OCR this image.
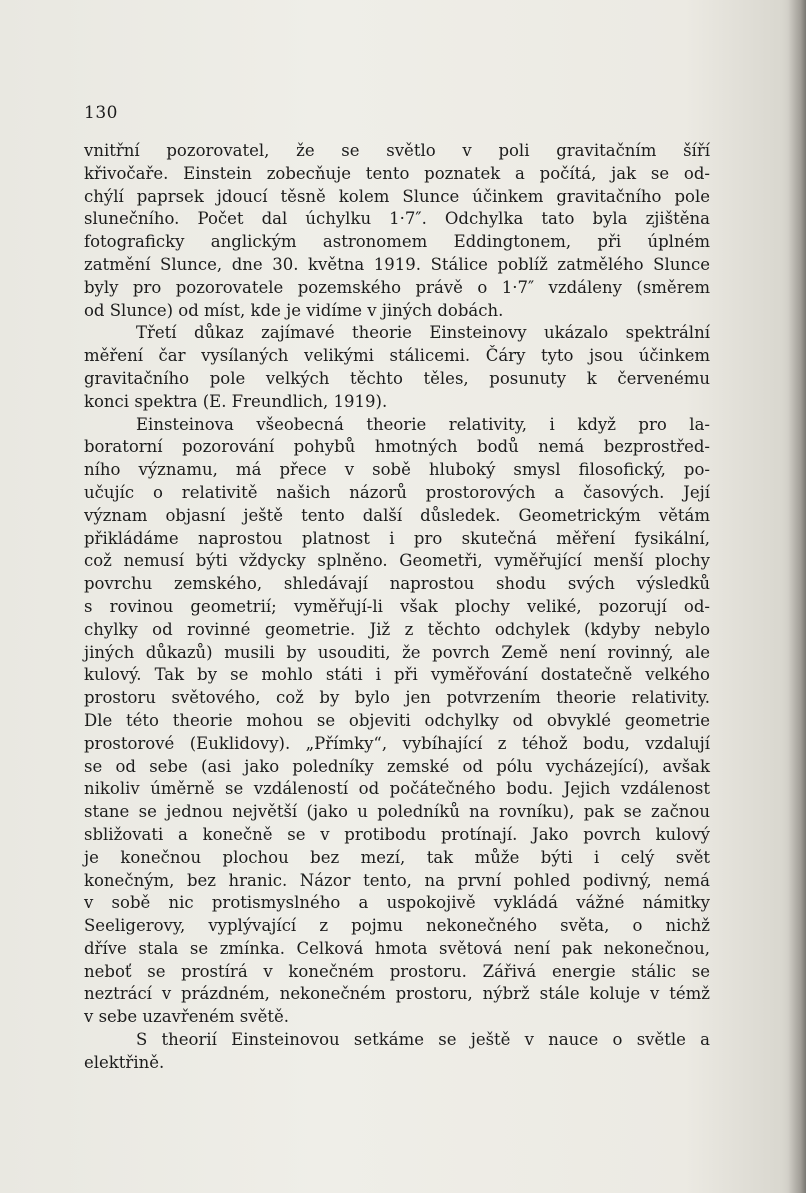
130
vnitřní pozorovatel, že se světlo v poli gravitačním šíří
křivočaře. Einstein zobecňuje tento poznatek a počítá, jak se od-
chýlí paprsek jdoucí těsně kolem Slunce účinkem gravitačního pole
slunečního. Počet dal úchylku 1·7″. Odchylka tato byla zjištěna
fotograficky anglickým astronomem Eddingtonem, při úplném
zatmění Slunce, dne 30. května 1919. Stálice poblíž zatmělého Slunce
byly pro pozorovatele pozemského právě o 1·7″ vzdáleny (směrem
od Slunce) od míst, kde je vidíme v jiných dobách.
Třetí důkaz zajímavé theorie Einsteinovy ukázalo spektrální
měření čar vysílaných velikými stálicemi. Čáry tyto jsou účinkem
gravitačního pole velkých těchto těles, posunuty k červenému
konci spektra (E. Freundlich, 1919).
Einsteinova všeobecná theorie relativity, i když pro la-
boratorní pozorování pohybů hmotných bodů nemá bezprostřed-
ního významu, má přece v sobě hluboký smysl filosofický, po-
učujíc o relativitě našich názorů prostorových a časových. Její
význam objasní ještě tento další důsledek. Geometrickým větám
přikládáme naprostou platnost i pro skutečná měření fysikální,
což nemusí býti vždycky splněno. Geometři, vyměřující menší plochy
povrchu zemského, shledávají naprostou shodu svých výsledků
s rovinou geometrií; vyměřují-li však plochy veliké, pozorují od-
chylky od rovinné geometrie. Již z těchto odchylek (kdyby nebylo
jiných důkazů) musili by usouditi, že povrch Země není rovinný, ale
kulový. Tak by se mohlo státi i při vyměřování dostatečně velkého
prostoru světového, což by bylo jen potvrzením theorie relativity.
Dle této theorie mohou se objeviti odchylky od obvyklé geometrie
prostorové (Euklidovy). „Přímky“, vybíhající z téhož bodu, vzdalují
se od sebe (asi jako poledníky zemské od pólu vycházející), avšak
nikoliv úměrně se vzdáleností od počátečného bodu. Jejich vzdálenost
stane se jednou největší (jako u poledníků na rovníku), pak se začnou
sbližovati a konečně se v protibodu protínají. Jako povrch kulový
je konečnou plochou bez mezí, tak může býti i celý svět
konečným, bez hranic. Názor tento, na první pohled podivný, nemá
v sobě nic protismyslného a uspokojivě vykládá vážné námitky
Seeligerovy, vyplývající z pojmu nekonečného světa, o nichž
dříve stala se zmínka. Celková hmota světová není pak nekonečnou,
neboť se prostírá v konečném prostoru. Zářivá energie stálic se
neztrácí v prázdném, nekonečném prostoru, nýbrž stále koluje v témž
v sebe uzavřeném světě.
S theorií Einsteinovou setkáme se ještě v nauce o světle a
elektřině.
